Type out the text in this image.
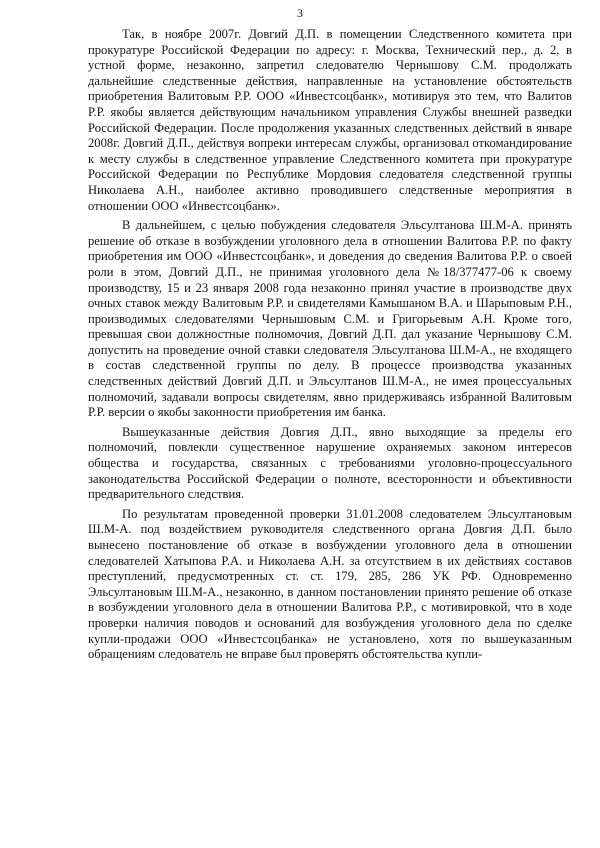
3

Так, в ноябре 2007г. Довгий Д.П. в помещении Следственного комитета при прокуратуре Российской Федерации по адресу: г. Москва, Технический пер., д. 2, в устной форме, незаконно, запретил следователю Чернышову С.М. продолжать дальнейшие следственные действия, направленные на установление обстоятельств приобретения Валитовым Р.Р. ООО «Инвестсоцбанк», мотивируя это тем, что Валитов Р.Р. якобы является действующим начальником управления Службы внешней разведки Российской Федерации. После продолжения указанных следственных действий в январе 2008г. Довгий Д.П., действуя вопреки интересам службы, организовал откомандирование к месту службы в следственное управление Следственного комитета при прокуратуре Российской Федерации по Республике Мордовия следователя следственной группы Николаева А.Н., наиболее активно проводившего следственные мероприятия в отношении ООО «Инвестсоцбанк».

В дальнейшем, с целью побуждения следователя Эльсултанова Ш.М-А. принять решение об отказе в возбуждении уголовного дела в отношении Валитова Р.Р. по факту приобретения им ООО «Инвестсоцбанк», и доведения до сведения Валитова Р.Р. о своей роли в этом, Довгий Д.П., не принимая уголовного дела №18/377477-06 к своему производству, 15 и 23 января 2008 года незаконно принял участие в производстве двух очных ставок между Валитовым Р.Р. и свидетелями Камышаном В.А. и Шарыповым Р.Н., производимых следователями Чернышовым С.М. и Григорьевым А.Н. Кроме того, превышая свои должностные полномочия, Довгий Д.П. дал указание Чернышову С.М. допустить на проведение очной ставки следователя Эльсултанова Ш.М-А., не входящего в состав следственной группы по делу. В процессе производства указанных следственных действий Довгий Д.П. и Эльсултанов Ш.М-А., не имея процессуальных полномочий, задавали вопросы свидетелям, явно придерживаясь избранной Валитовым Р.Р. версии о якобы законности приобретения им банка.

Вышеуказанные действия Довгия Д.П., явно выходящие за пределы его полномочий, повлекли существенное нарушение охраняемых законом интересов общества и государства, связанных с требованиями уголовно-процессуального законодательства Российской Федерации о полноте, всесторонности и объективности предварительного следствия.

По результатам проведенной проверки 31.01.2008 следователем Эльсултановым Ш.М-А. под воздействием руководителя следственного органа Довгия Д.П. было вынесено постановление об отказе в возбуждении уголовного дела в отношении следователей Хатыпова Р.А. и Николаева А.Н. за отсутствием в их действиях составов преступлений, предусмотренных ст. ст. 179, 285, 286 УК РФ. Одновременно Эльсултановым Ш.М-А., незаконно, в данном постановлении принято решение об отказе в возбуждении уголовного дела в отношении Валитова Р.Р., с мотивировкой, что в ходе проверки наличия поводов и оснований для возбуждения уголовного дела по сделке купли-продажи ООО «Инвестсоцбанка» не установлено, хотя по вышеуказанным обращениям следователь не вправе был проверять обстоятельства купли-
